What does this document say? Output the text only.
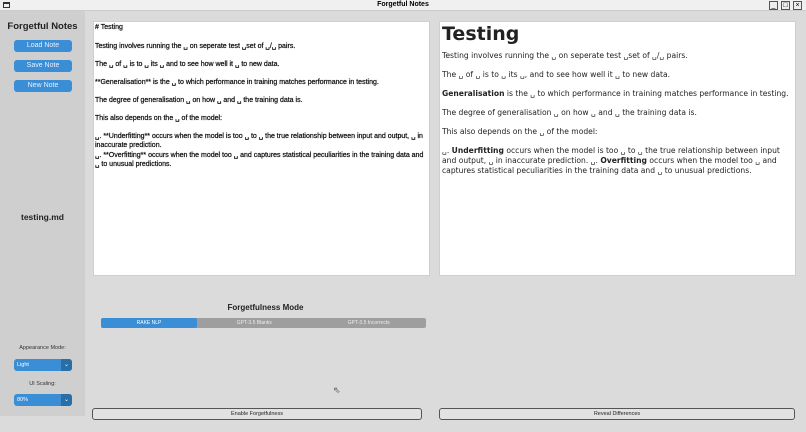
Forgetful Notes	_	□	×
Forgetful Notes
Load Note
Save Note
New Note
testing.md
Appearance Mode:
Light	⌄
UI Scaling:
80%	⌄

# Testing

Testing involves running the ␣ on seperate test ␣set of ␣/␣ pairs.

The ␣ of ␣ is to ␣ its ␣ and to see how well it ␣ to new data.

**Generalisation** is the ␣ to which performance in training matches performance in testing.

The degree of generalisation ␣ on how ␣ and ␣ the training data is.

This also depends on the ␣ of the model:

␣. **Underfitting** occurs when the model is too ␣ to ␣ the true relationship between input and output, ␣ in inaccurate prediction.

␣. **Overfitting** occurs when the model too ␣ and captures statistical peculiarities in the training data and ␣ to unusual predictions.

Testing

Testing involves running the ␣ on seperate test ␣set of ␣/␣ pairs.

The ␣ of ␣ is to ␣ its ␣, and to see how well it ␣ to new data.

Generalisation is the ␣ to which performance in training matches performance in testing.

The degree of generalisation ␣ on how ␣ and ␣ the training data is.

This also depends on the ␣ of the model:

␣. Underfitting occurs when the model is too ␣ to ␣ the true relationship between input and output, ␣ in inaccurate prediction. ␣. Overfitting occurs when the model too ␣ and captures statistical peculiarities in the training data and ␣ to unusual predictions.

Forgetfulness Mode
RAKE NLP	GPT-3.5 Blanks	GPT-3.5 Incorrects
⇖
Enable Forgetfulness	Reveal Differences
